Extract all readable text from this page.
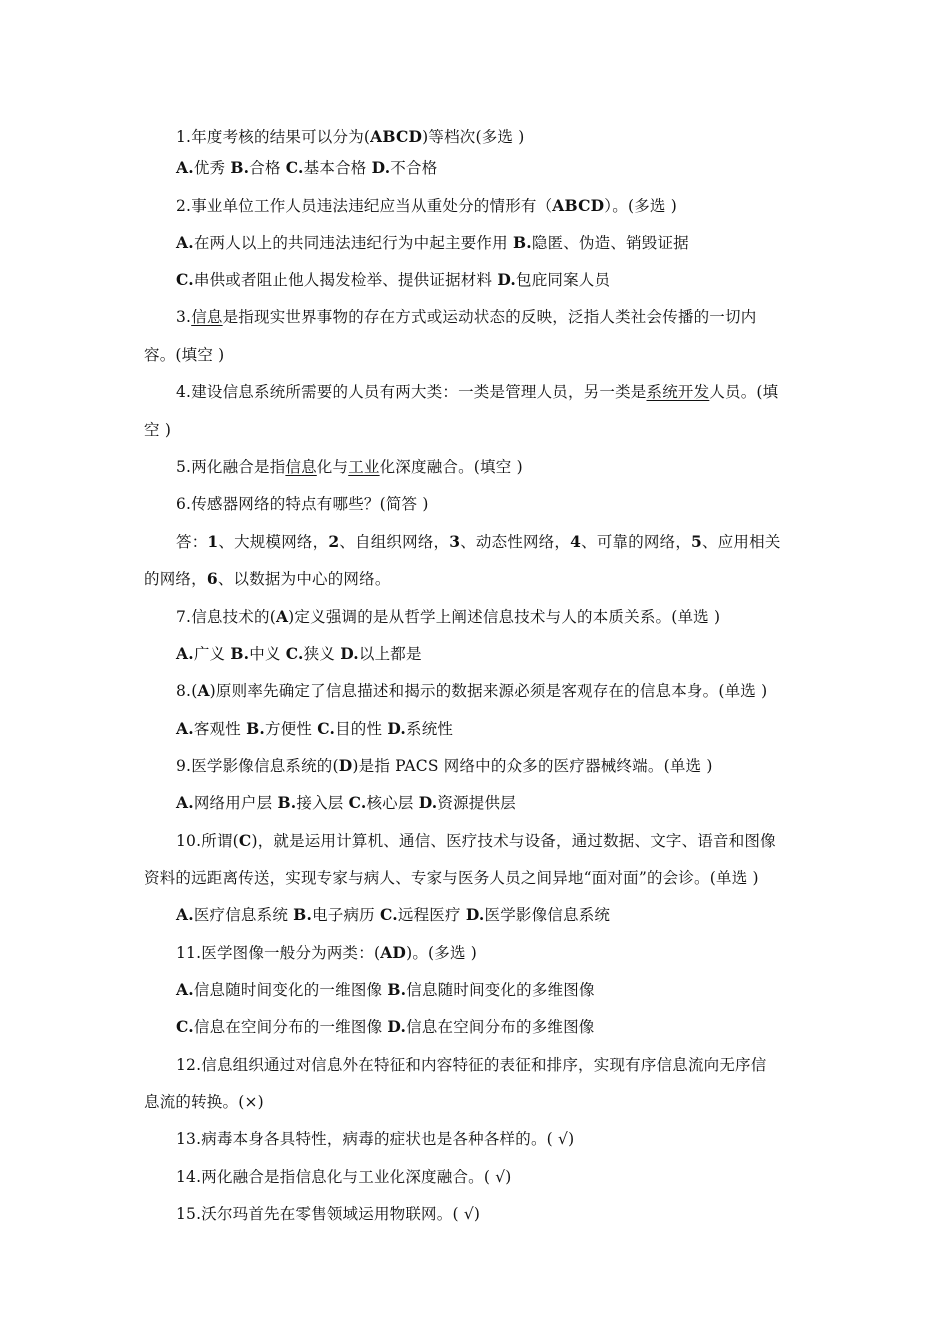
1.年度考核的结果可以分为(ABCD)等档次(多选 )
A.优秀 B.合格 C.基本合格 D.不合格
2.事业单位工作人员违法违纪应当从重处分的情形有（ABCD）。(多选 )
A.在两人以上的共同违法违纪行为中起主要作用 B.隐匿、伪造、销毁证据
C.串供或者阻止他人揭发检举、提供证据材料 D.包庇同案人员
3.信息是指现实世界事物的存在方式或运动状态的反映，泛指人类社会传播的一切内
容。(填空 )
4.建设信息系统所需要的人员有两大类：一类是管理人员，另一类是系统开发人员。(填
空 )
5.两化融合是指信息化与工业化深度融合。(填空 )
6.传感器网络的特点有哪些？(简答 )
答：1、大规模网络，2、自组织网络，3、动态性网络，4、可靠的网络，5、应用相关
的网络，6、以数据为中心的网络。
7.信息技术的(A)定义强调的是从哲学上阐述信息技术与人的本质关系。(单选 )
A.广义 B.中义 C.狭义 D.以上都是
8.(A)原则率先确定了信息描述和揭示的数据来源必须是客观存在的信息本身。(单选 )
A.客观性 B.方便性 C.目的性 D.系统性
9.医学影像信息系统的(D)是指 PACS 网络中的众多的医疗器械终端。(单选 )
A.网络用户层 B.接入层 C.核心层 D.资源提供层
10.所谓(C)，就是运用计算机、通信、医疗技术与设备，通过数据、文字、语音和图像
资料的远距离传送，实现专家与病人、专家与医务人员之间异地“面对面”的会诊。(单选 )
A.医疗信息系统 B.电子病历 C.远程医疗 D.医学影像信息系统
11.医学图像一般分为两类：(AD)。(多选 )
A.信息随时间变化的一维图像 B.信息随时间变化的多维图像
C.信息在空间分布的一维图像 D.信息在空间分布的多维图像
12.信息组织通过对信息外在特征和内容特征的表征和排序，实现有序信息流向无序信
息流的转换。(×)
13.病毒本身各具特性，病毒的症状也是各种各样的。( √)
14.两化融合是指信息化与工业化深度融合。( √)
15.沃尔玛首先在零售领域运用物联网。( √)
